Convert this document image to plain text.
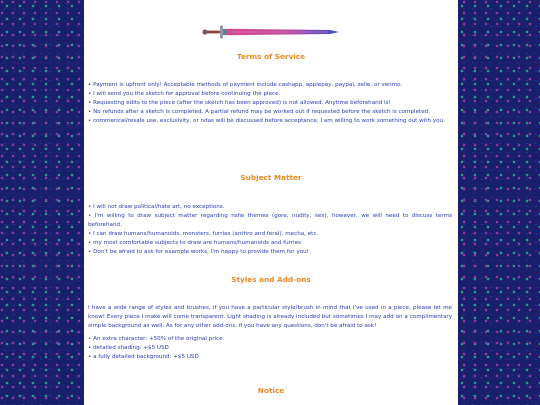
Terms of Service
• Payment is upfront only! Acceptable methods of payment include cashapp, applepay, paypal, zelle, or venmo.
• I will send you the sketch for approval before continuing the piece.
• Requesting edits to the piece (after the sketch has been approved) is not allowed. Anytime beforehand is!
• No refunds after a sketch is completed. A partial refund may be worked out if requested before the sketch is completed.
• commerical/resale use, exclusivity, or ndas will be discussed before acceptance. I am willing to work something out with you.
Subject Matter
• I will not draw political/hate art, no exceptions.
• I'm willing to draw subject matter regarding nsfw themes (gore, nudity, sex), however, we will need to discuss terms beforehand.
• I can draw humans/humanoids, monsters, furries (anthro and feral), mecha, etc.
• my most comfortable subjects to draw are humans/humanoids and furries
• Don't be afraid to ask for example works, I'm happy to provide them for you!
Styles and Add-ons

I have a wide range of styles and brushes, if you have a particular style/brush in mind that i've used in a piece, please let me know! Every piece I make will come transparent. Light shading is already included but sometimes I may add on a complimentary simple background as well. As for any other add-ons, if you have any questions, don't be afraid to ask!

• An extra character: +50% of the original price
• detailed shading: +$5 USD
• a fully detailed background: +$5 USD
Notice
